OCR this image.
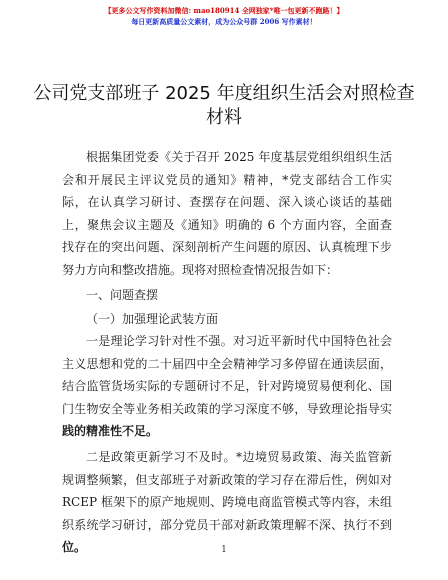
【更多公文写作资料加微信: mao180914 全网独家*唯一包更新不跑路！】
每日更新高质量公文素材，成为公众号群 2006 写作素材！
公司党支部班子 2025 年度组织生活会对照检查
材料
根据集团党委《关于召开 2025 年度基层党组织组织生活
会和开展民主评议党员的通知》精神，*党支部结合工作实
际，在认真学习研讨、查摆存在问题、深入谈心谈话的基础
上，聚焦会议主题及《通知》明确的 6 个方面内容，全面查
找存在的突出问题、深刻剖析产生问题的原因、认真梳理下步
努力方向和整改措施。现将对照检查情况报告如下：
一、问题查摆
（一）加强理论武装方面
一是理论学习针对性不强。对习近平新时代中国特色社会
主义思想和党的二十届四中全会精神学习多停留在通读层面，
结合监管货场实际的专题研讨不足，针对跨境贸易便利化、国
门生物安全等业务相关政策的学习深度不够，导致理论指导实
践的精准性不足。
二是政策更新学习不及时。*边境贸易政策、海关监管新
规调整频繁，但支部班子对新政策的学习存在滞后性，例如对
RCEP 框架下的原产地规则、跨境电商监管模式等内容，未组
织系统学习研讨，部分党员干部对新政策理解不深、执行不到
位。	1
